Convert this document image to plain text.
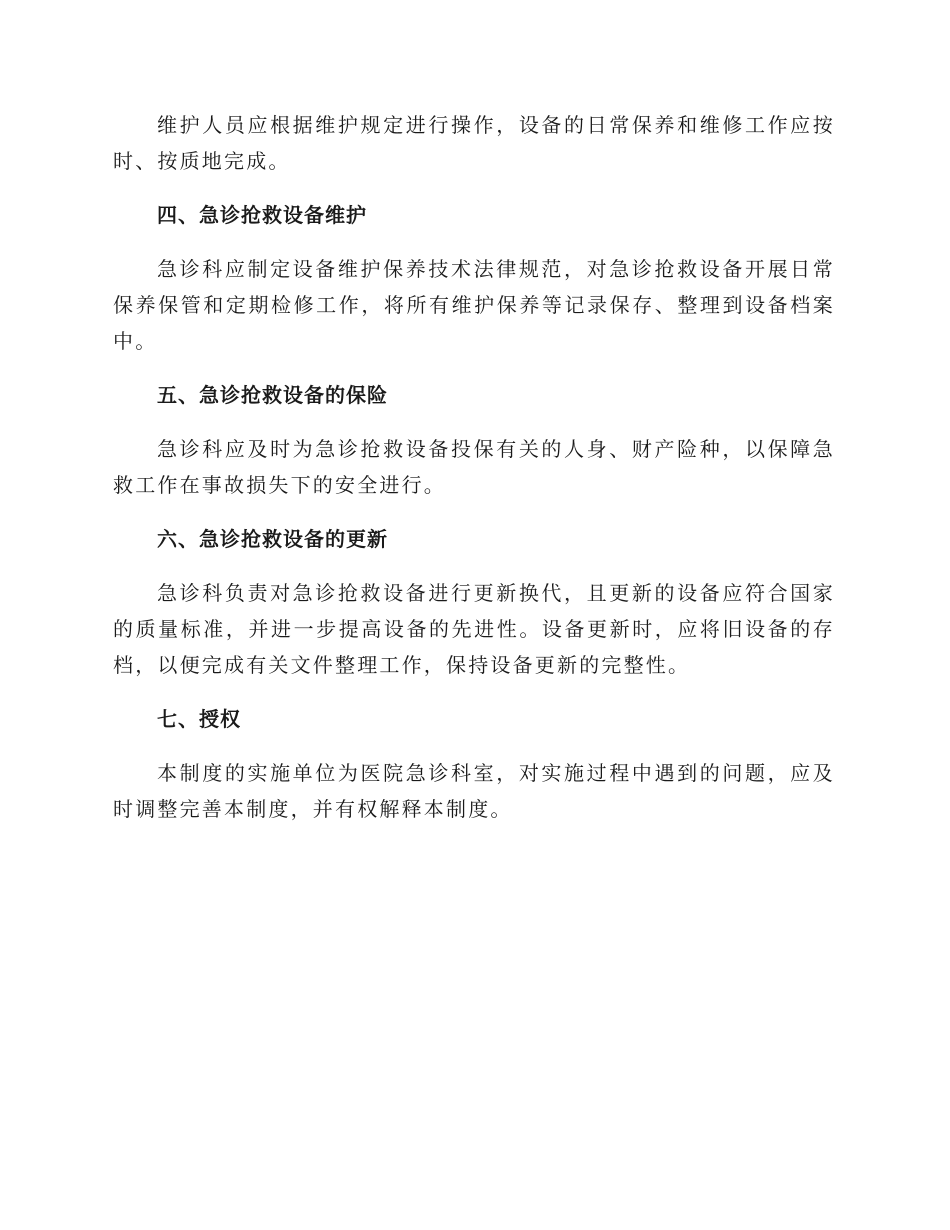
维护人员应根据维护规定进行操作，设备的日常保养和维修工作应按时、按质地完成。

四、急诊抢救设备维护

急诊科应制定设备维护保养技术法律规范，对急诊抢救设备开展日常保养保管和定期检修工作，将所有维护保养等记录保存、整理到设备档案中。

五、急诊抢救设备的保险

急诊科应及时为急诊抢救设备投保有关的人身、财产险种，以保障急救工作在事故损失下的安全进行。

六、急诊抢救设备的更新

急诊科负责对急诊抢救设备进行更新换代，且更新的设备应符合国家的质量标准，并进一步提高设备的先进性。设备更新时，应将旧设备的存档，以便完成有关文件整理工作，保持设备更新的完整性。

七、授权

本制度的实施单位为医院急诊科室，对实施过程中遇到的问题，应及时调整完善本制度，并有权解释本制度。
